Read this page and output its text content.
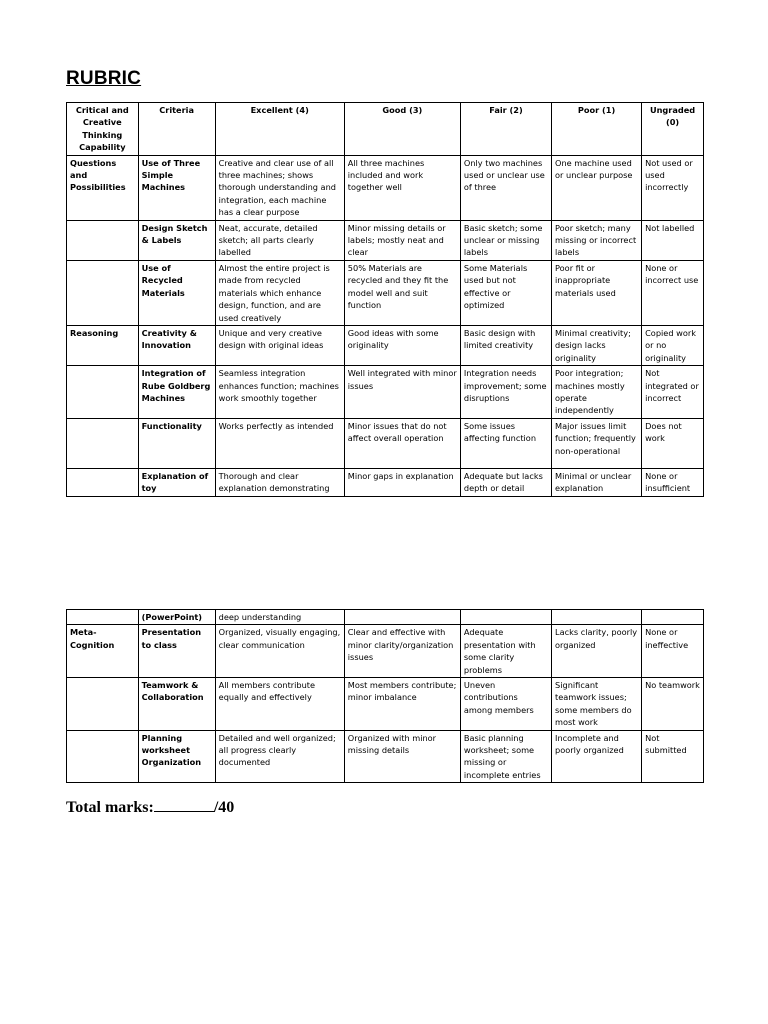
RUBRIC
Critical and Creative Thinking Capability	Criteria	Excellent (4)	Good (3)	Fair (2)	Poor (1)	Ungraded (0)
Questions and Possibilities	Use of Three Simple Machines	Creative and clear use of all three machines; shows thorough understanding and integration, each machine has a clear purpose	All three machines included and work together well	Only two machines used or unclear use of three	One machine used or unclear purpose	Not used or used incorrectly
	Design Sketch & Labels	Neat, accurate, detailed sketch; all parts clearly labelled	Minor missing details or labels; mostly neat and clear	Basic sketch; some unclear or missing labels	Poor sketch; many missing or incorrect labels	Not labelled
	Use of Recycled Materials	Almost the entire project is made from recycled materials which enhance design, function, and are used creatively	50% Materials are recycled and they fit the model well and suit function	Some Materials used but not effective or optimized	Poor fit or inappropriate materials used	None or incorrect use
Reasoning	Creativity & Innovation	Unique and very creative design with original ideas	Good ideas with some originality	Basic design with limited creativity	Minimal creativity; design lacks originality	Copied work or no originality
	Integration of Rube Goldberg Machines	Seamless integration enhances function; machines work smoothly together	Well integrated with minor issues	Integration needs improvement; some disruptions	Poor integration; machines mostly operate independently	Not integrated or incorrect
	Functionality	Works perfectly as intended	Minor issues that do not affect overall operation	Some issues affecting function	Major issues limit function; frequently non-operational	Does not work
	Explanation of toy	Thorough and clear explanation demonstrating	Minor gaps in explanation	Adequate but lacks depth or detail	Minimal or unclear explanation	None or insufficient
	(PowerPoint)	deep understanding				
Meta-Cognition	Presentation to class	Organized, visually engaging, clear communication	Clear and effective with minor clarity/organization issues	Adequate presentation with some clarity problems	Lacks clarity, poorly organized	None or ineffective
	Teamwork & Collaboration	All members contribute equally and effectively	Most members contribute; minor imbalance	Uneven contributions among members	Significant teamwork issues; some members do most work	No teamwork
	Planning worksheet Organization	Detailed and well organized; all progress clearly documented	Organized with minor missing details	Basic planning worksheet; some missing or incomplete entries	Incomplete and poorly organized	Not submitted
Total marks:	/40
